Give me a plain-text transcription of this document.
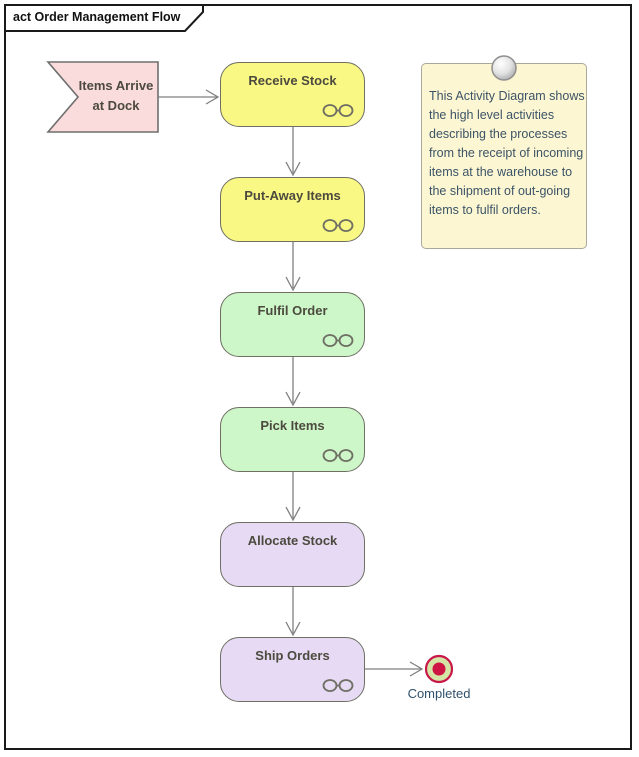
act Order Management Flow
Items Arrive
at Dock
Receive Stock
Put-Away Items
Fulfil Order
Pick Items
Allocate Stock
Ship Orders
This Activity Diagram shows
the high level activities
describing the processes
from the receipt of incoming
items at the warehouse to
the shipment of out-going
items to fulfil orders.
Completed
